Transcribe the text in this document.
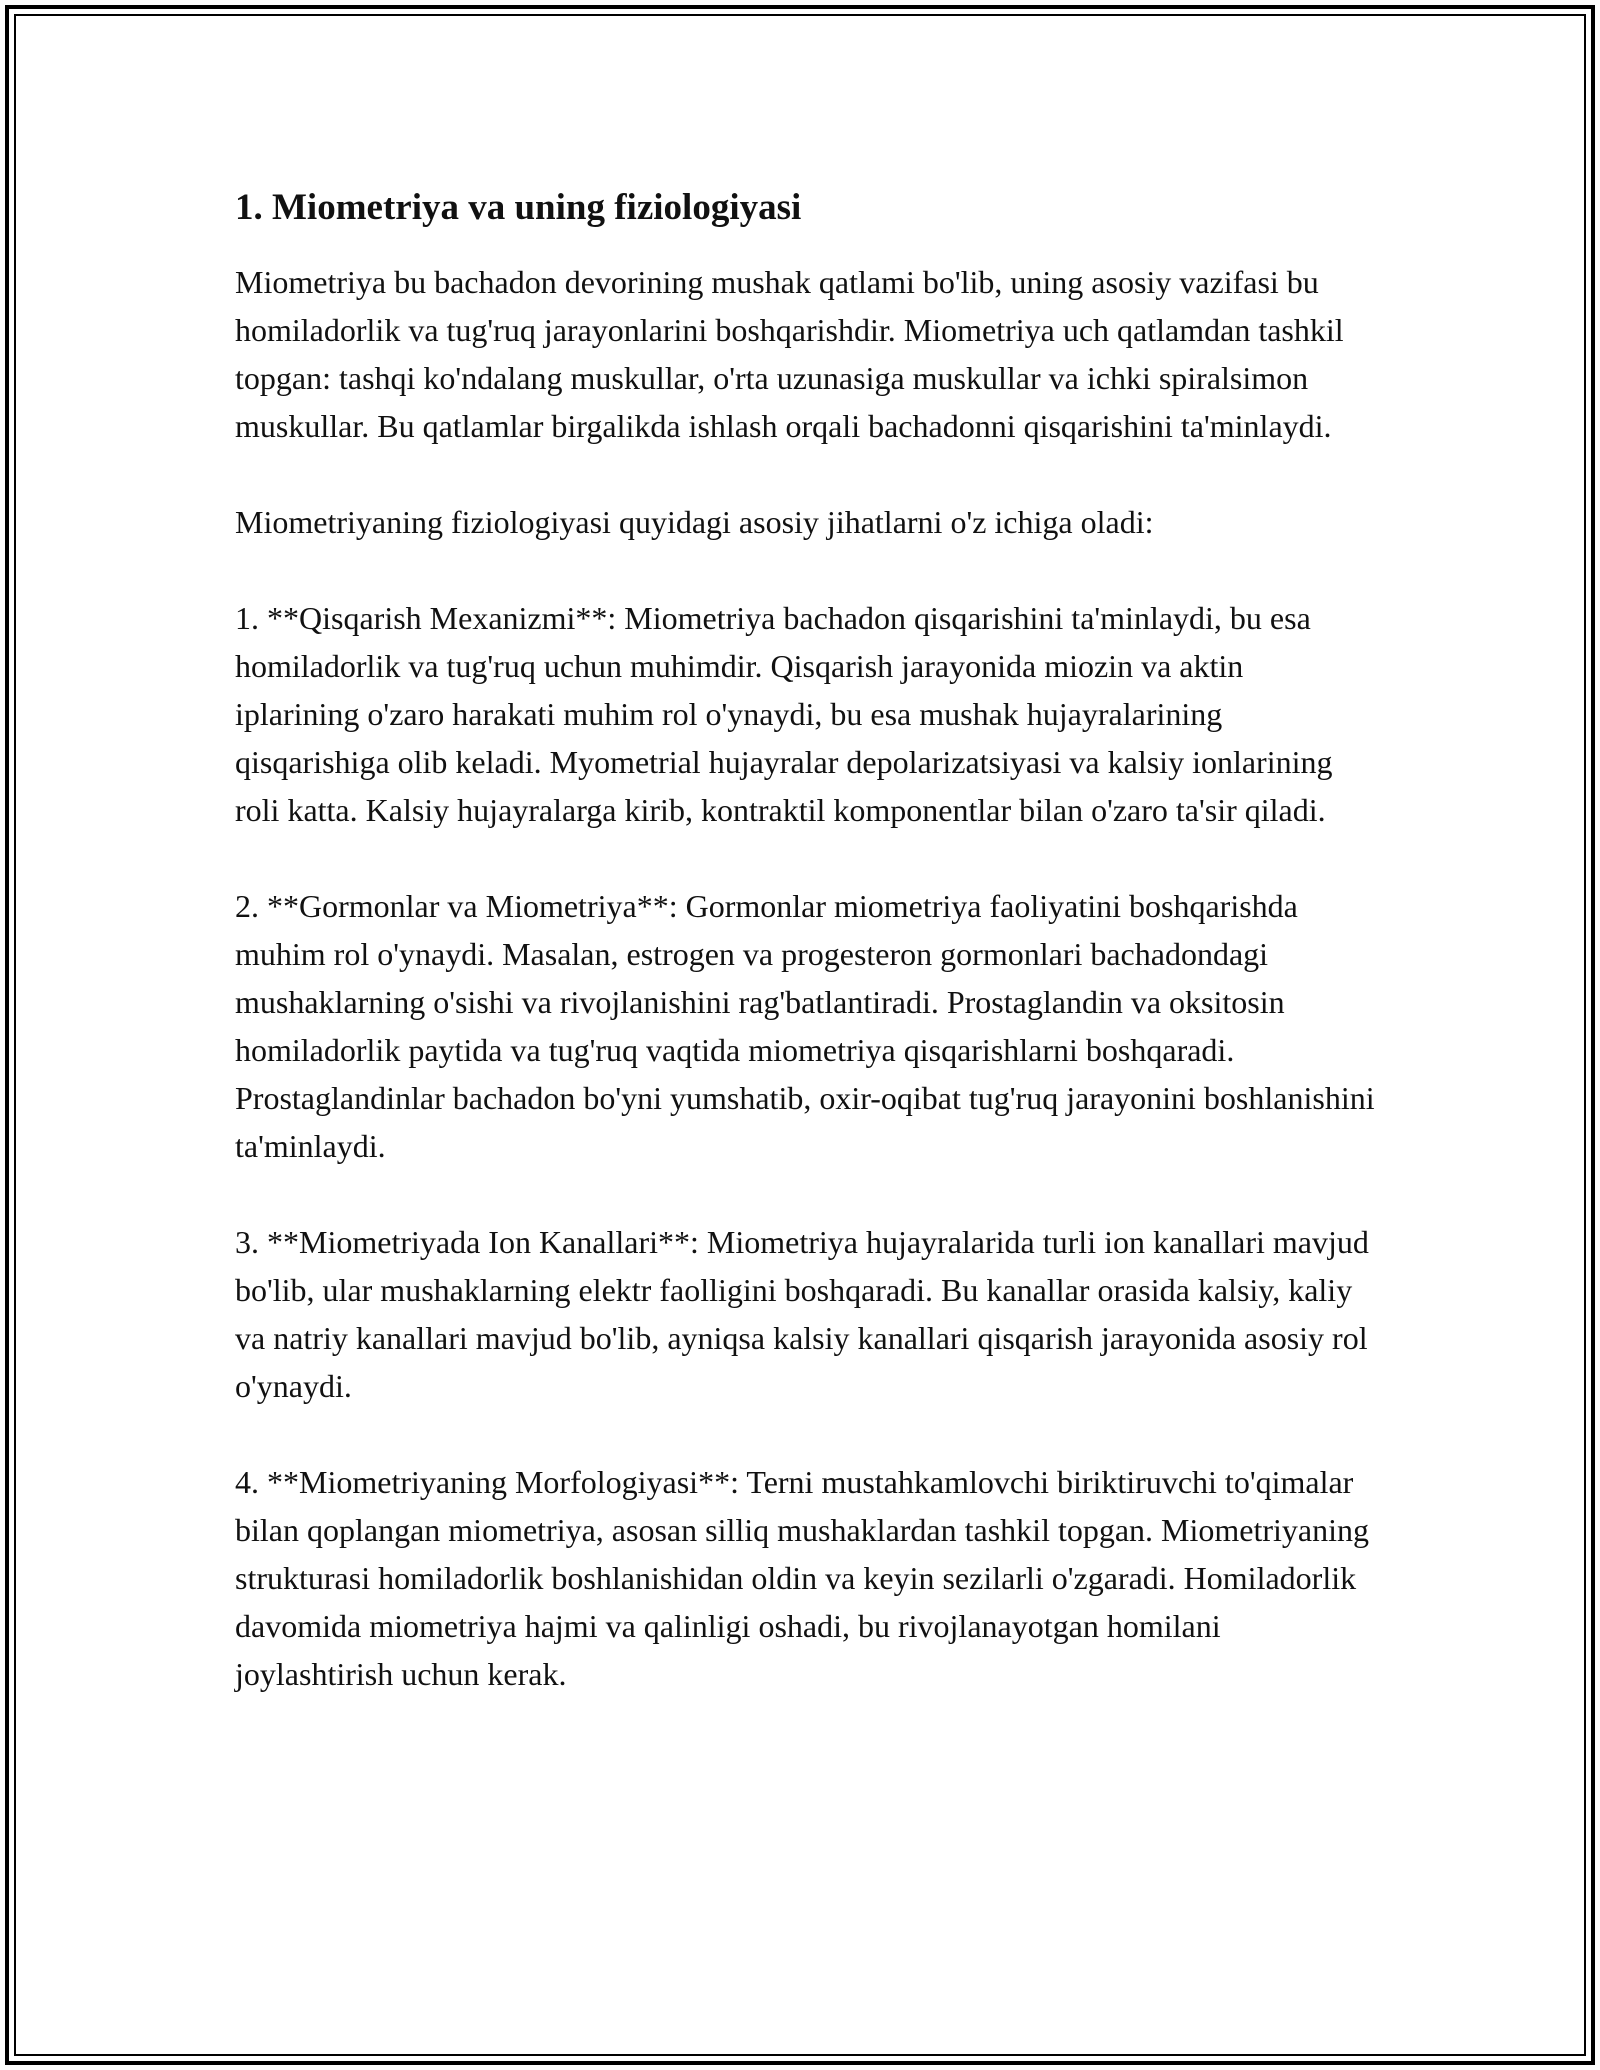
1. Miometriya va uning fiziologiyasi

Miometriya bu bachadon devorining mushak qatlami bo'lib, uning asosiy vazifasi bu homiladorlik va tug'ruq jarayonlarini boshqarishdir. Miometriya uch qatlamdan tashkil topgan: tashqi ko'ndalang muskullar, o'rta uzunasiga muskullar va ichki spiralsimon muskullar. Bu qatlamlar birgalikda ishlash orqali bachadonni qisqarishini ta'minlaydi.

Miometriyaning fiziologiyasi quyidagi asosiy jihatlarni o'z ichiga oladi:

1. **Qisqarish Mexanizmi**: Miometriya bachadon qisqarishini ta'minlaydi, bu esa homiladorlik va tug'ruq uchun muhimdir. Qisqarish jarayonida miozin va aktin iplarining o'zaro harakati muhim rol o'ynaydi, bu esa mushak hujayralarining qisqarishiga olib keladi. Myometrial hujayralar depolarizatsiyasi va kalsiy ionlarining roli katta. Kalsiy hujayralarga kirib, kontraktil komponentlar bilan o'zaro ta'sir qiladi.

2. **Gormonlar va Miometriya**: Gormonlar miometriya faoliyatini boshqarishda muhim rol o'ynaydi. Masalan, estrogen va progesteron gormonlari bachadondagi mushaklarning o'sishi va rivojlanishini rag'batlantiradi. Prostaglandin va oksitosin homiladorlik paytida va tug'ruq vaqtida miometriya qisqarishlarni boshqaradi. Prostaglandinlar bachadon bo'yni yumshatib, oxir-oqibat tug'ruq jarayonini boshlanishini ta'minlaydi.

3. **Miometriyada Ion Kanallari**: Miometriya hujayralarida turli ion kanallari mavjud bo'lib, ular mushaklarning elektr faolligini boshqaradi. Bu kanallar orasida kalsiy, kaliy va natriy kanallari mavjud bo'lib, ayniqsa kalsiy kanallari qisqarish jarayonida asosiy rol o'ynaydi.

4. **Miometriyaning Morfologiyasi**: Terni mustahkamlovchi biriktiruvchi to'qimalar bilan qoplangan miometriya, asosan silliq mushaklardan tashkil topgan. Miometriyaning strukturasi homiladorlik boshlanishidan oldin va keyin sezilarli o'zgaradi. Homiladorlik davomida miometriya hajmi va qalinligi oshadi, bu rivojlanayotgan homilani joylashtirish uchun kerak.
